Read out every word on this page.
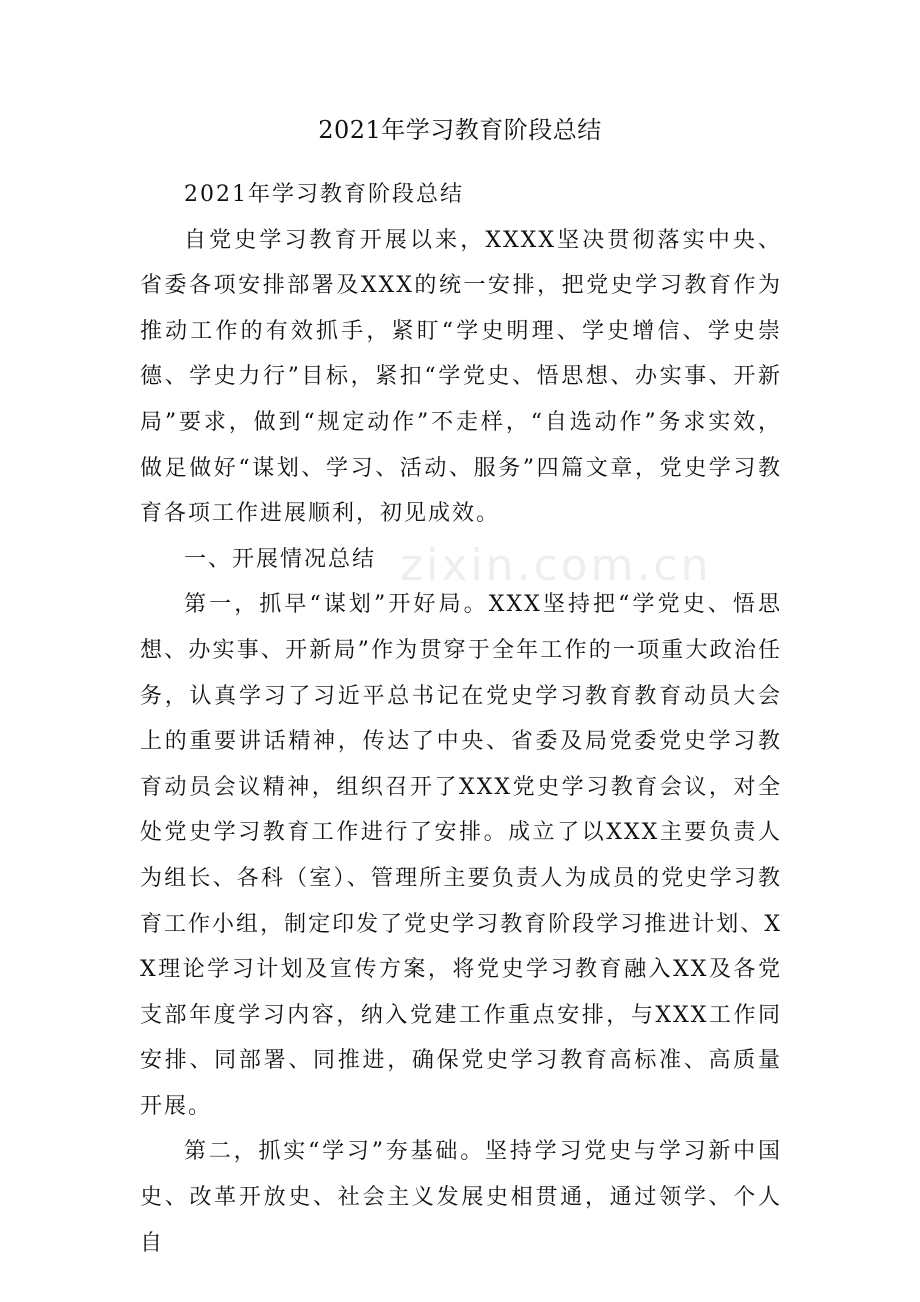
2021年学习教育阶段总结

2021年学习教育阶段总结

自党史学习教育开展以来，XXXX坚决贯彻落实中央、省委各项安排部署及XXX的统一安排，把党史学习教育作为推动工作的有效抓手，紧盯“学史明理、学史增信、学史崇德、学史力行”目标，紧扣“学党史、悟思想、办实事、开新局”要求，做到“规定动作”不走样，“自选动作”务求实效，做足做好“谋划、学习、活动、服务”四篇文章，党史学习教育各项工作进展顺利，初见成效。

一、开展情况总结

第一，抓早“谋划”开好局。XXX坚持把“学党史、悟思想、办实事、开新局”作为贯穿于全年工作的一项重大政治任务，认真学习了习近平总书记在党史学习教育教育动员大会上的重要讲话精神，传达了中央、省委及局党委党史学习教育动员会议精神，组织召开了XXX党史学习教育会议，对全处党史学习教育工作进行了安排。成立了以XXX主要负责人为组长、各科（室）、管理所主要负责人为成员的党史学习教育工作小组，制定印发了党史学习教育阶段学习推进计划、XX理论学习计划及宣传方案，将党史学习教育融入XX及各党支部年度学习内容，纳入党建工作重点安排，与XXX工作同安排、同部署、同推进，确保党史学习教育高标准、高质量开展。

第二，抓实“学习”夯基础。坚持学习党史与学习新中国史、改革开放史、社会主义发展史相贯通，通过领学、个人自

zixin.com.cn
